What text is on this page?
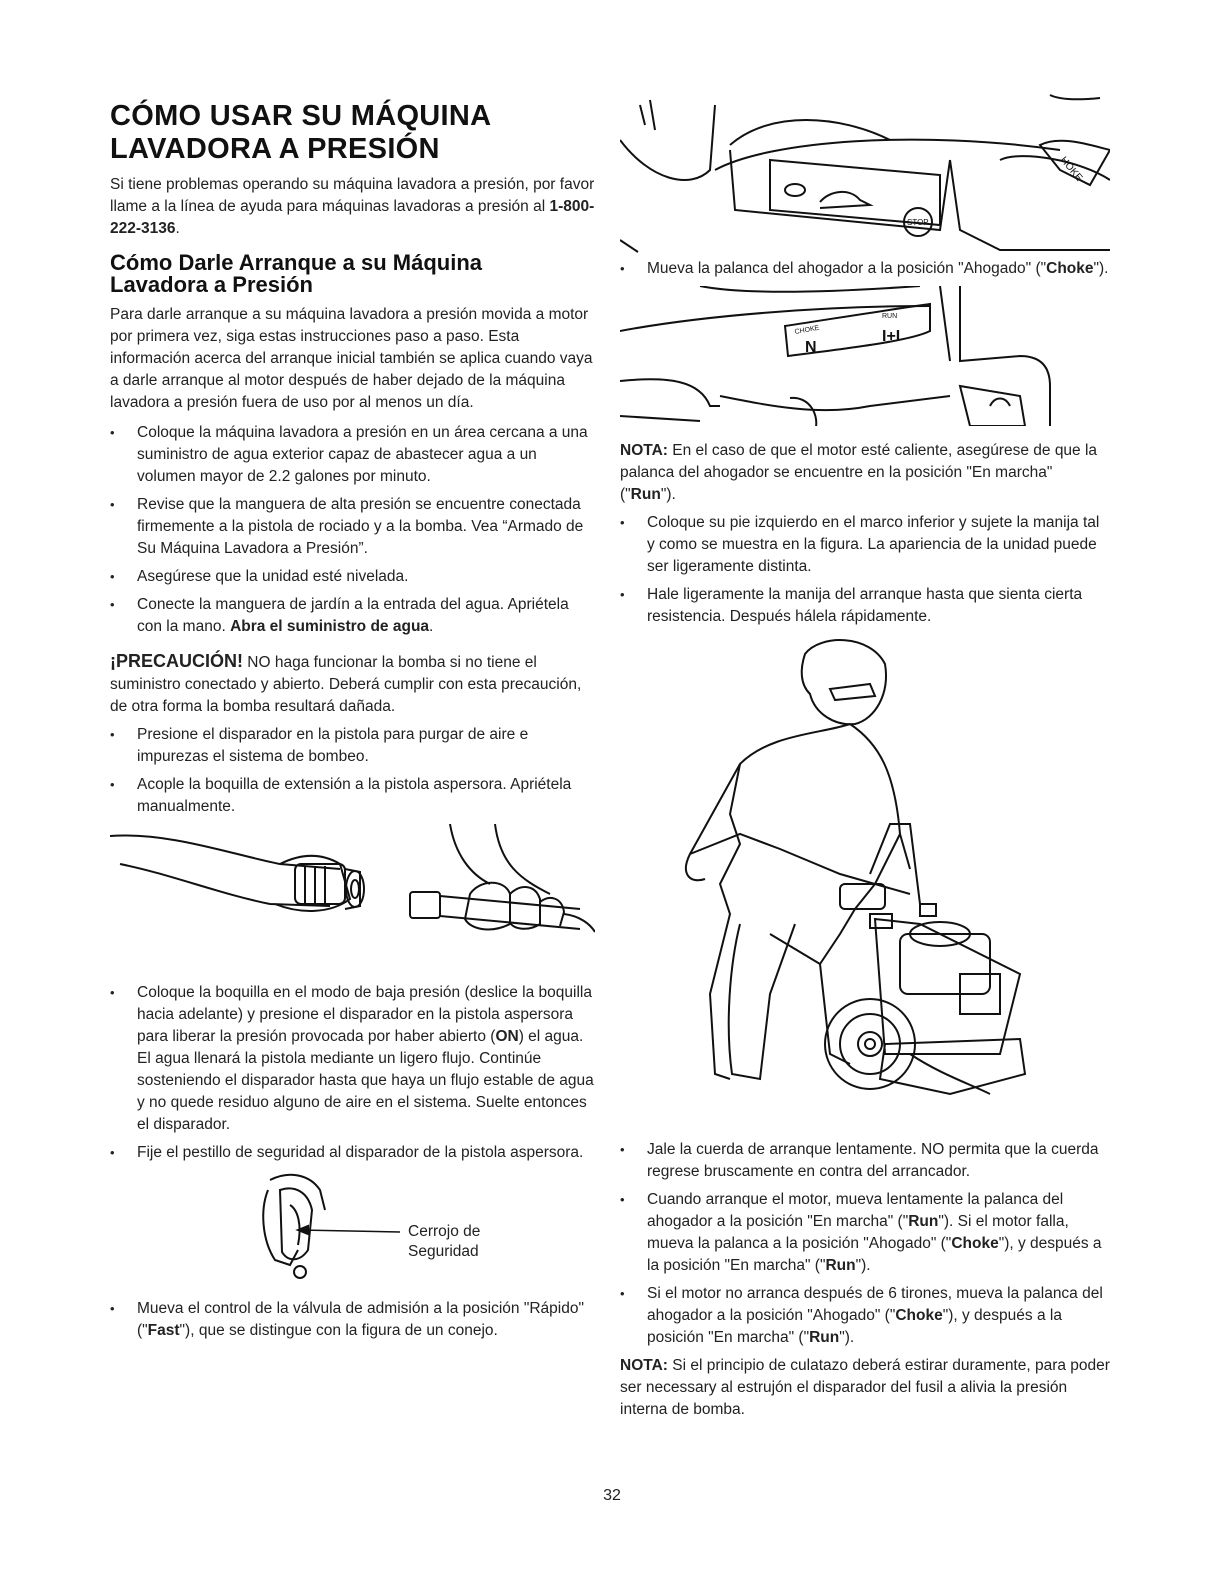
CÓMO USAR SU MÁQUINA
LAVADORA A PRESIÓN

Si tiene problemas operando su máquina lavadora a presión, por favor llame a la línea de ayuda para máquinas lavadoras a presión al 1-800-222-3136.

Cómo Darle Arranque a su Máquina
Lavadora a Presión

Para darle arranque a su máquina lavadora a presión movida a motor por primera vez, siga estas instrucciones paso a paso. Esta información acerca del arranque inicial también se aplica cuando vaya a darle arranque al motor después de haber dejado de la máquina lavadora a presión fuera de uso por al menos un día.

• Coloque la máquina lavadora a presión en un área cercana a una suministro de agua exterior capaz de abastecer agua a un volumen mayor de 2.2 galones por minuto.
• Revise que la manguera de alta presión se encuentre conectada firmemente a la pistola de rociado y a la bomba. Vea “Armado de Su Máquina Lavadora a Presión”.
• Asegúrese que la unidad esté nivelada.
• Conecte la manguera de jardín a la entrada del agua. Apriétela con la mano. Abra el suministro de agua.

¡PRECAUCIÓN! NO haga funcionar la bomba si no tiene el suministro conectado y abierto. Deberá cumplir con esta precaución, de otra forma la bomba resultará dañada.

• Presione el disparador en la pistola para purgar de aire e impurezas el sistema de bombeo.
• Acople la boquilla de extensión a la pistola aspersora. Apriétela manualmente.
• Coloque la boquilla en el modo de baja presión (deslice la boquilla hacia adelante) y presione el disparador en la pistola aspersora para liberar la presión provocada por haber abierto (ON) el agua. El agua llenará la pistola mediante un ligero flujo. Continúe sosteniendo el disparador hasta que haya un flujo estable de agua y no quede residuo alguno de aire en el sistema. Suelte entonces el disparador.
• Fije el pestillo de seguridad al disparador de la pistola aspersora.
Cerrojo de
Seguridad
• Mueva el control de la válvula de admisión a la posición "Rápido" ("Fast"), que se distingue con la figura de un conejo.
STOP
HOKE
• Mueva la palanca del ahogador a la posición "Ahogado" ("Choke").
CHOKE
RUN
N
I+I

NOTA: En el caso de que el motor esté caliente, asegúrese de que la palanca del ahogador se encuentre en la posición "En marcha" ("Run").

• Coloque su pie izquierdo en el marco inferior y sujete la manija tal y como se muestra en la figura. La apariencia de la unidad puede ser ligeramente distinta.
• Hale ligeramente la manija del arranque hasta que sienta cierta resistencia. Después hálela rápidamente.
• Jale la cuerda de arranque lentamente. NO permita que la cuerda regrese bruscamente en contra del arrancador.
• Cuando arranque el motor, mueva lentamente la palanca del ahogador a la posición "En marcha" ("Run"). Si el motor falla, mueva la palanca a la posición "Ahogado" ("Choke"), y después a la posición "En marcha" ("Run").
• Si el motor no arranca después de 6 tirones, mueva la palanca del ahogador a la posición "Ahogado" ("Choke"), y después a la posición "En marcha" ("Run").

NOTA: Si el principio de culatazo deberá estirar duramente, para poder ser necessary al estrujón el disparador del fusil a alivia la presión interna de bomba.

32
